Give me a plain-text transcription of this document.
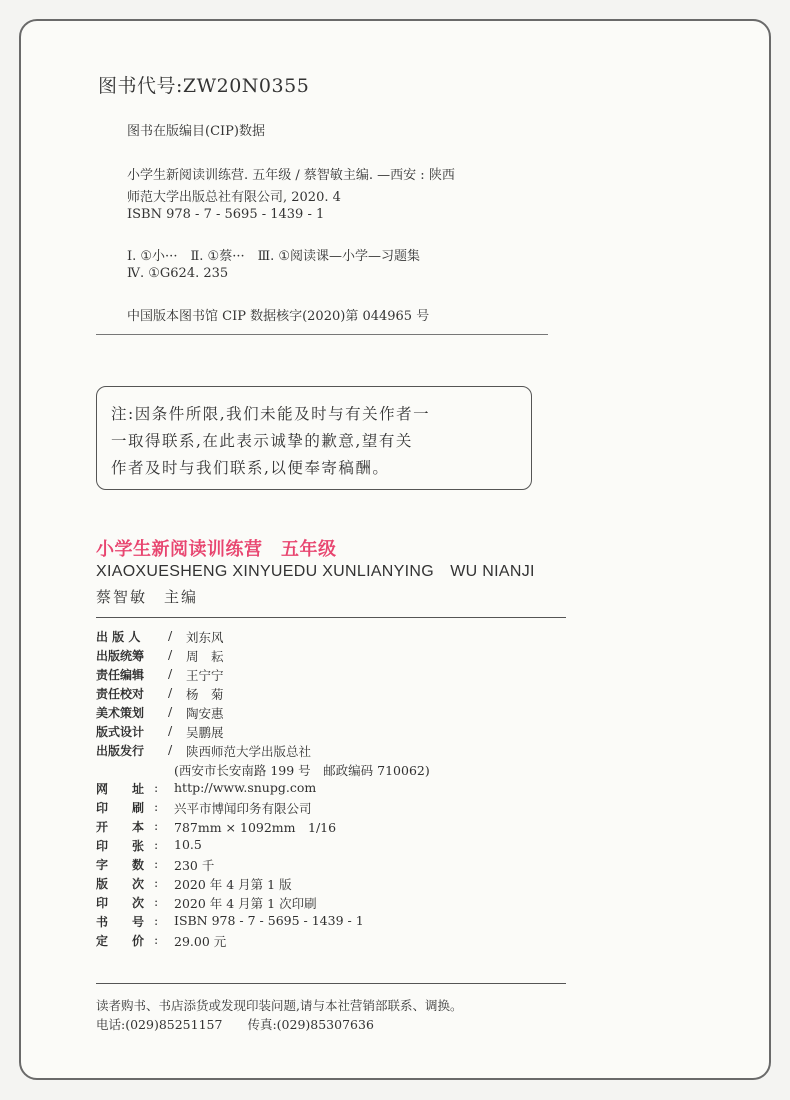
图书代号:ZW20N0355
图书在版编目(CIP)数据
小学生新阅读训练营. 五年级 / 蔡智敏主编. —西安 : 陕西
师范大学出版总社有限公司, 2020. 4
ISBN 978 - 7 - 5695 - 1439 - 1
Ⅰ. ①小···　Ⅱ. ①蔡···　Ⅲ. ①阅读课—小学—习题集
Ⅳ. ①G624. 235
中国版本图书馆 CIP 数据核字(2020)第 044965 号
注:因条件所限,我们未能及时与有关作者一
一取得联系,在此表示诚挚的歉意,望有关
作者及时与我们联系,以便奉寄稿酬。
小学生新阅读训练营　五年级
XIAOXUESHENG XINYUEDU XUNLIANYING　WU NIANJI
蔡智敏　主编
出 版 人	/ 刘东风
出版统筹	/ 周　耘
责任编辑	/ 王宁宁
责任校对	/ 杨　菊
美术策划	/ 陶安惠
版式设计	/ 吴鹏展
出版发行	/ 陕西师范大学出版总社
(西安市长安南路 199 号　邮政编码 710062)
网　　址 : http://www.snupg.com
印　　刷 : 兴平市博闻印务有限公司
开　　本 : 787mm × 1092mm　1/16
印　　张 : 10.5
字　　数 : 230 千
版　　次 : 2020 年 4 月第 1 版
印　　次 : 2020 年 4 月第 1 次印刷
书　　号 : ISBN 978 - 7 - 5695 - 1439 - 1
定　　价 : 29.00 元
读者购书、书店添货或发现印装问题,请与本社营销部联系、调换。
电话:(029)85251157　　传真:(029)85307636
